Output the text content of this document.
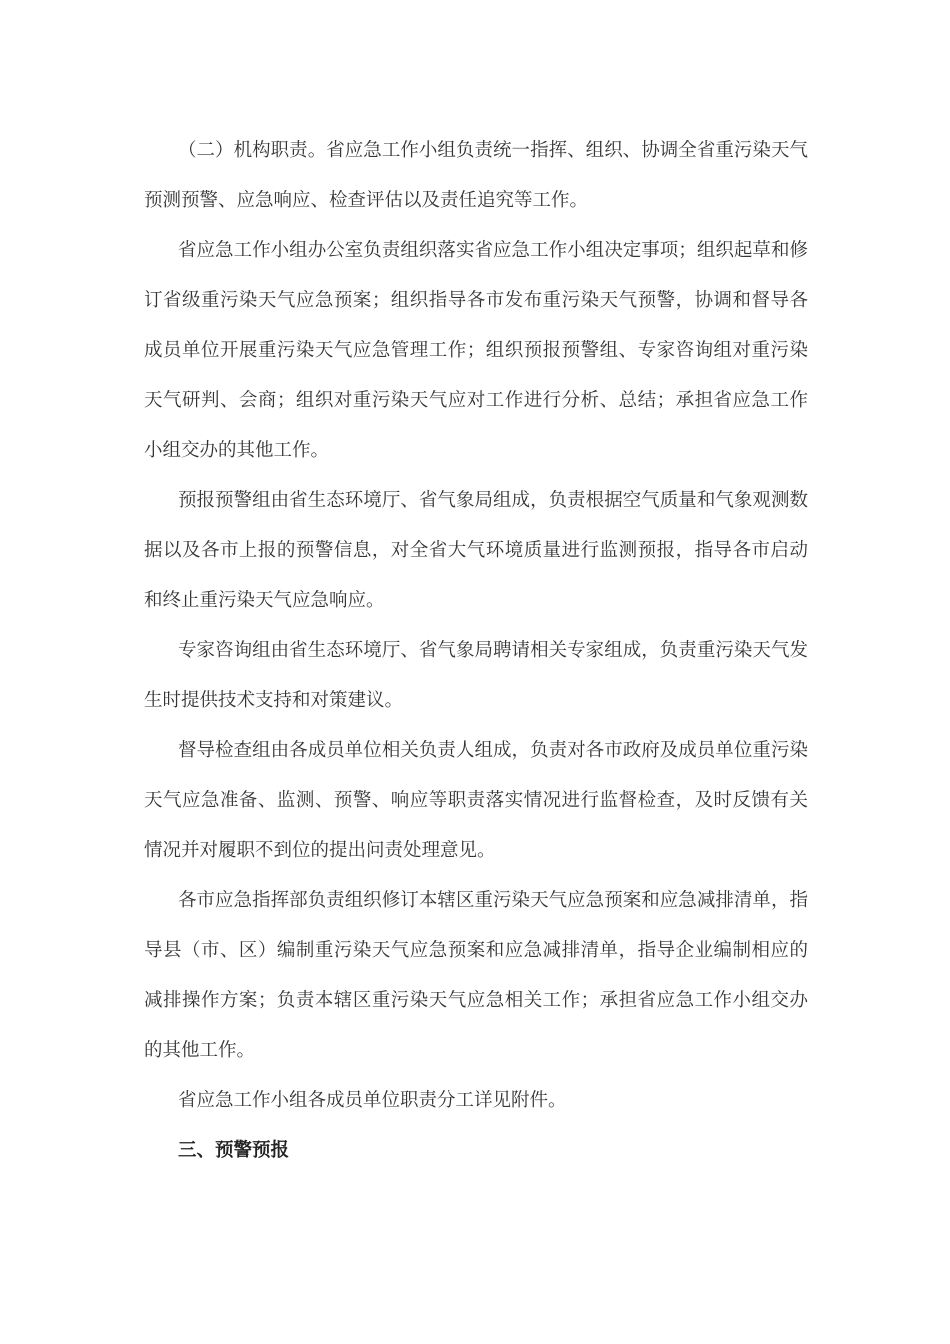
（二）机构职责。省应急工作小组负责统一指挥、组织、协调全省重污染天气预测预警、应急响应、检查评估以及责任追究等工作。

省应急工作小组办公室负责组织落实省应急工作小组决定事项；组织起草和修订省级重污染天气应急预案；组织指导各市发布重污染天气预警，协调和督导各成员单位开展重污染天气应急管理工作；组织预报预警组、专家咨询组对重污染天气研判、会商；组织对重污染天气应对工作进行分析、总结；承担省应急工作小组交办的其他工作。

预报预警组由省生态环境厅、省气象局组成，负责根据空气质量和气象观测数据以及各市上报的预警信息，对全省大气环境质量进行监测预报，指导各市启动和终止重污染天气应急响应。

专家咨询组由省生态环境厅、省气象局聘请相关专家组成，负责重污染天气发生时提供技术支持和对策建议。

督导检查组由各成员单位相关负责人组成，负责对各市政府及成员单位重污染天气应急准备、监测、预警、响应等职责落实情况进行监督检查，及时反馈有关情况并对履职不到位的提出问责处理意见。

各市应急指挥部负责组织修订本辖区重污染天气应急预案和应急减排清单，指导县（市、区）编制重污染天气应急预案和应急减排清单，指导企业编制相应的减排操作方案；负责本辖区重污染天气应急相关工作；承担省应急工作小组交办的其他工作。

省应急工作小组各成员单位职责分工详见附件。

三、预警预报
